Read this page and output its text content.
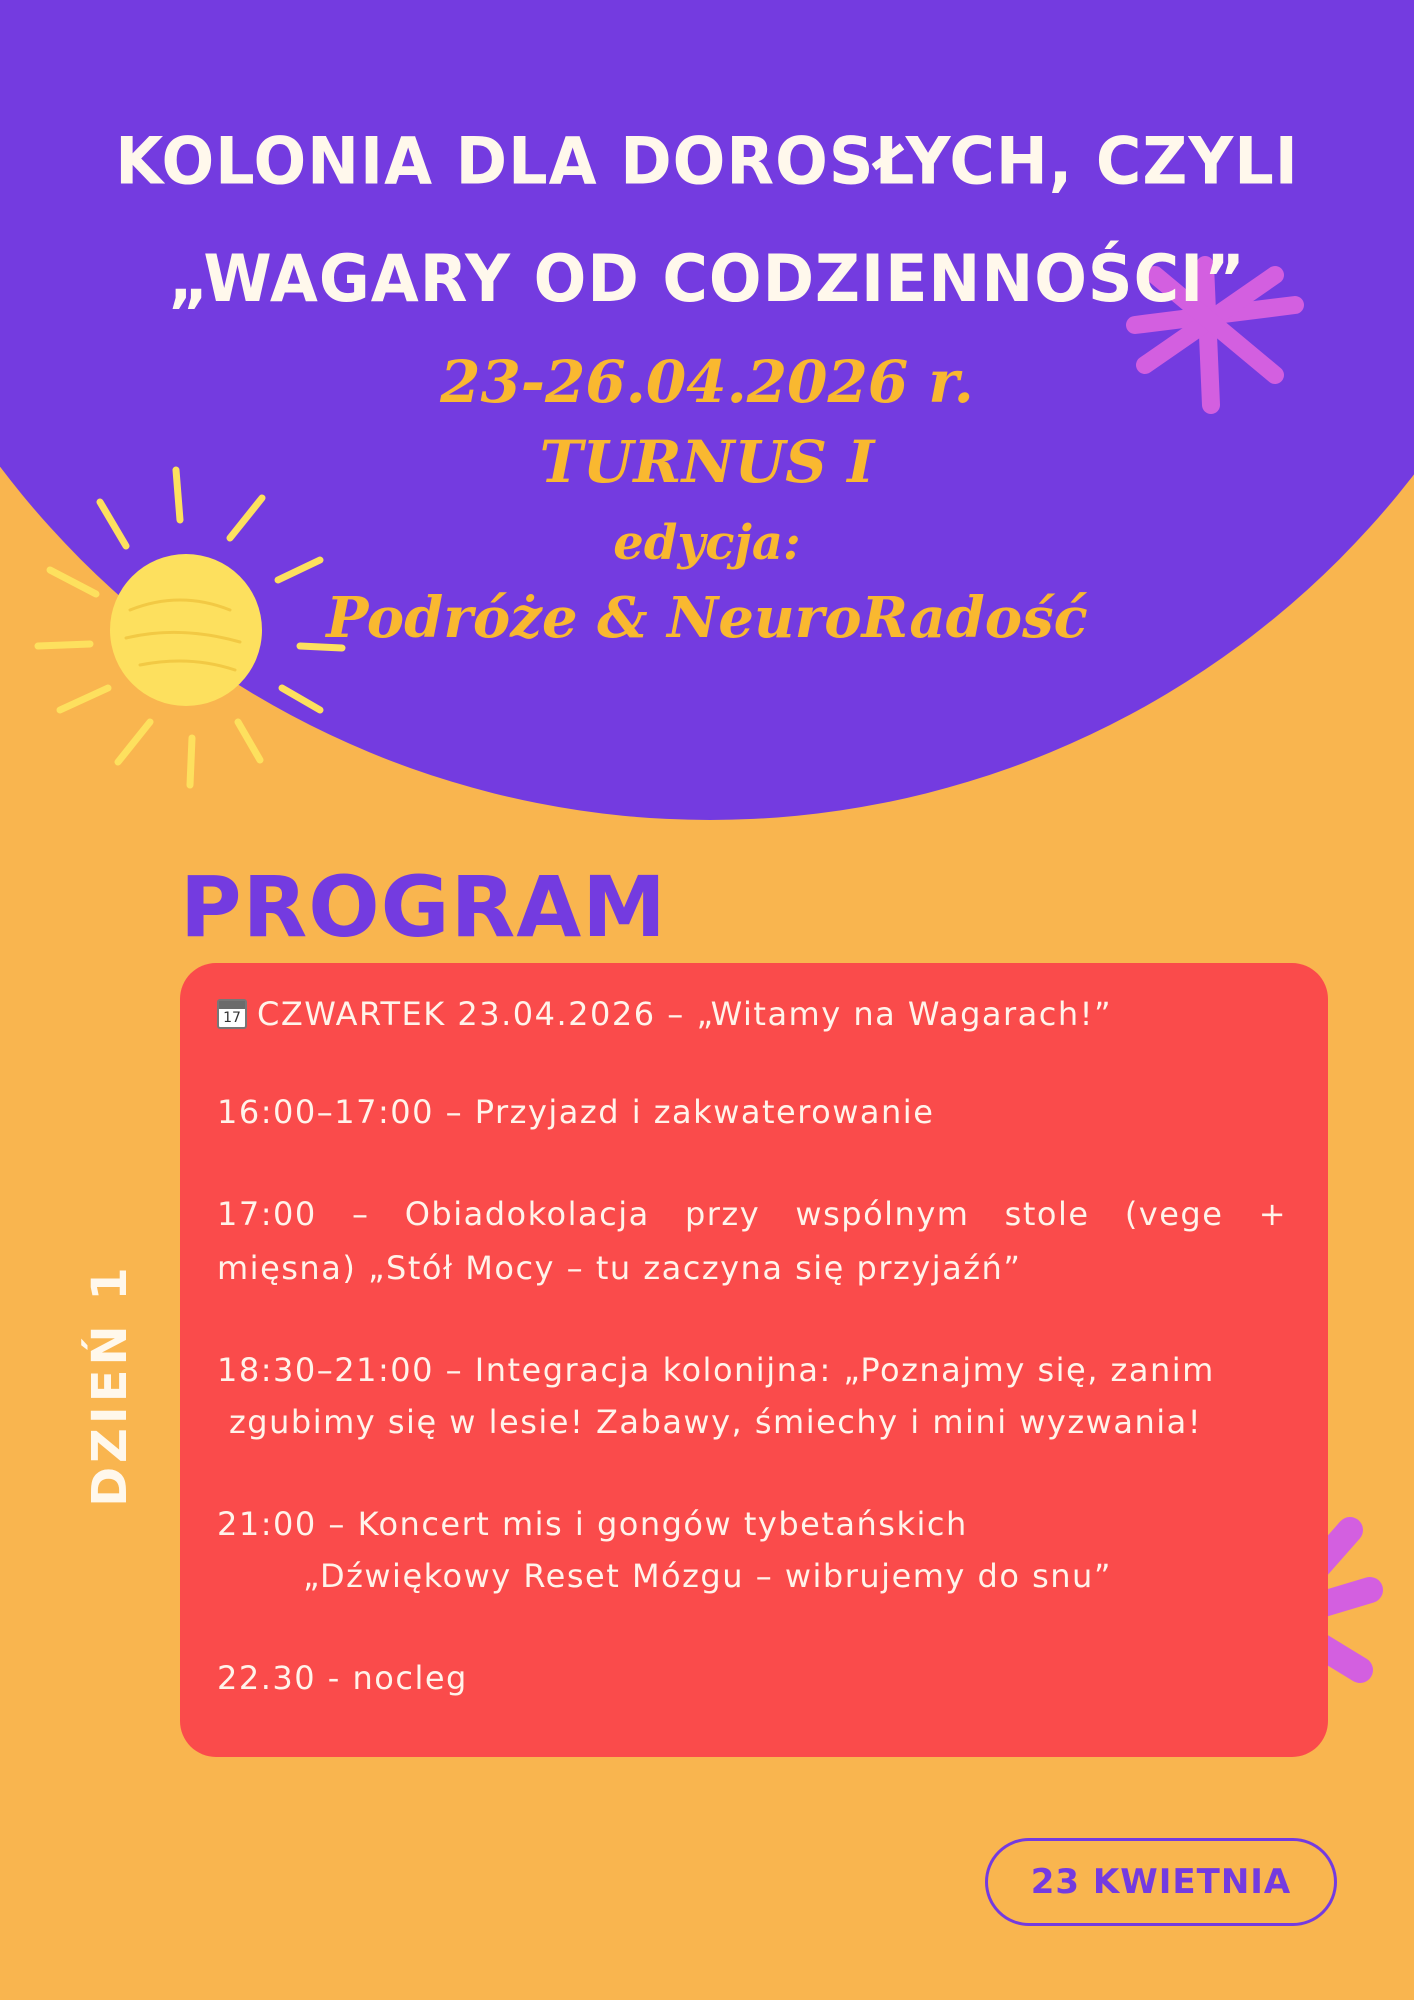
KOLONIA DLA DOROSŁYCH, CZYLI
„WAGARY OD CODZIENNOŚCI”
23-26.04.2026 r.
TURNUS I
edycja:
Podróże & NeuroRadość
PROGRAM
17 CZWARTEK 23.04.2026 – „Witamy na Wagarach!”
16:00–17:00 – Przyjazd i zakwaterowanie
17:00 – Obiadokolacja przy wspólnym stole (vege +
mięsna) „Stół Mocy – tu zaczyna się przyjaźń”
18:30–21:00 – Integracja kolonijna: „Poznajmy się, zanim
zgubimy się w lesie! Zabawy, śmiechy i mini wyzwania!
21:00 – Koncert mis i gongów tybetańskich
„Dźwiękowy Reset Mózgu – wibrujemy do snu”
22.30 - nocleg
DZIEŃ 1
23 KWIETNIA
